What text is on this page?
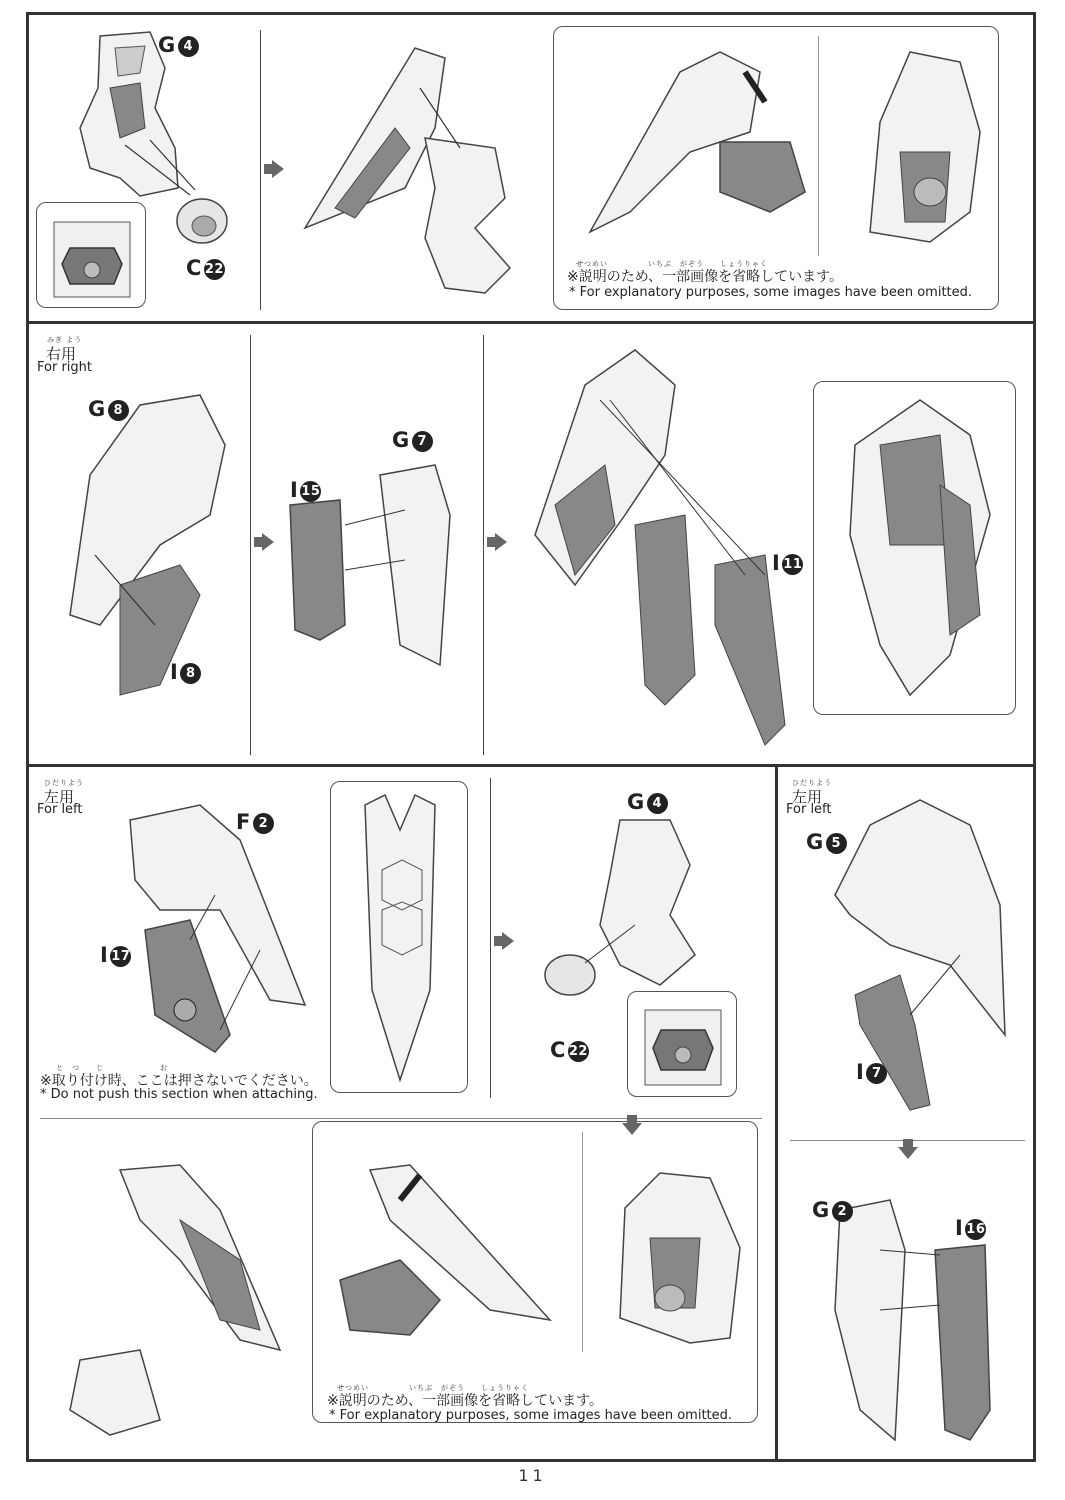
G 4
C 22
G 8
I 8
G 7
I 15
I 11
F 2
I 17
G 4
C 22
G 5
I 7
G 2
I 16
みぎ よう
右用
For right
ひだりよう
左用
For left
ひだりよう
左用
For left
せつめい　　　　　いちぶ　がぞう　　しょうりゃく
※説明のため、一部画像を省略しています。
* For explanatory purposes, some images have been omitted.
と　つ　　じ　　　　　　　お
※取り付け時、ここは押さないでください。
* Do not push this section when attaching.
せつめい　　　　　いちぶ　がぞう　　しょうりゃく
※説明のため、一部画像を省略しています。
* For explanatory purposes, some images have been omitted.
11
